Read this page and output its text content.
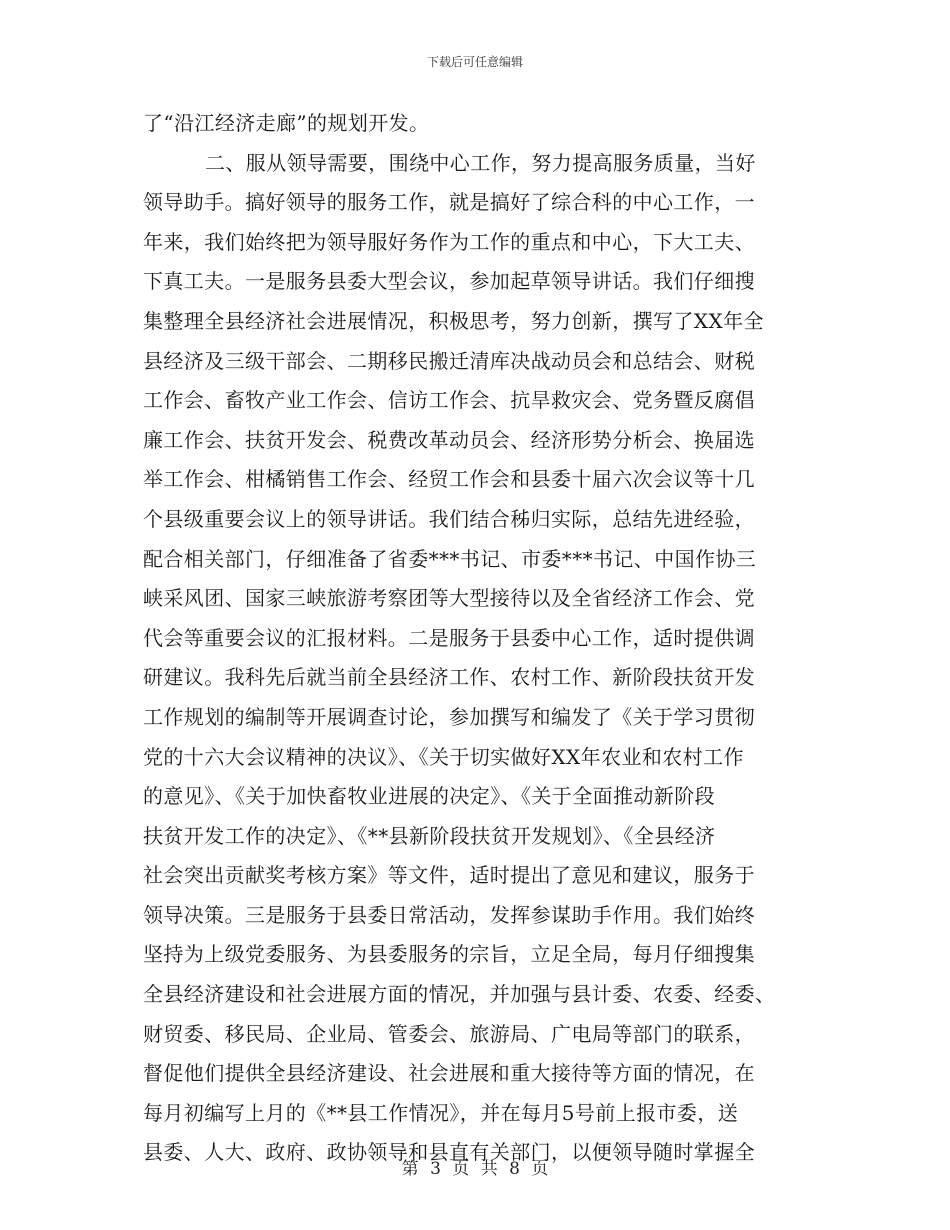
下载后可任意编辑
了“沿江经济走廊”的规划开发。
二、服从领导需要，围绕中心工作，努力提高服务质量，当好
领导助手。搞好领导的服务工作，就是搞好了综合科的中心工作，一
年来，我们始终把为领导服好务作为工作的重点和中心，下大工夫、
下真工夫。一是服务县委大型会议，参加起草领导讲话。我们仔细搜
集整理全县经济社会进展情况，积极思考，努力创新，撰写了XX年全
县经济及三级干部会、二期移民搬迁清库决战动员会和总结会、财税
工作会、畜牧产业工作会、信访工作会、抗旱救灾会、党务暨反腐倡
廉工作会、扶贫开发会、税费改革动员会、经济形势分析会、换届选
举工作会、柑橘销售工作会、经贸工作会和县委十届六次会议等十几
个县级重要会议上的领导讲话。我们结合秭归实际，总结先进经验，
配合相关部门，仔细准备了省委***书记、市委***书记、中国作协三
峡采风团、国家三峡旅游考察团等大型接待以及全省经济工作会、党
代会等重要会议的汇报材料。二是服务于县委中心工作，适时提供调
研建议。我科先后就当前全县经济工作、农村工作、新阶段扶贫开发
工作规划的编制等开展调查讨论，参加撰写和编发了《关于学习贯彻
党的十六大会议精神的决议》、《关于切实做好XX年农业和农村工作
的意见》、《关于加快畜牧业进展的决定》、《关于全面推动新阶段
扶贫开发工作的决定》、《**县新阶段扶贫开发规划》、《全县经济
社会突出贡献奖考核方案》等文件，适时提出了意见和建议，服务于
领导决策。三是服务于县委日常活动，发挥参谋助手作用。我们始终
坚持为上级党委服务、为县委服务的宗旨，立足全局，每月仔细搜集
全县经济建设和社会进展方面的情况，并加强与县计委、农委、经委、
财贸委、移民局、企业局、管委会、旅游局、广电局等部门的联系，
督促他们提供全县经济建设、社会进展和重大接待等方面的情况，在
每月初编写上月的《**县工作情况》，并在每月5号前上报市委，送
县委、人大、政府、政协领导和县直有关部门，以便领导随时掌握全
第 3 页 共 8 页
